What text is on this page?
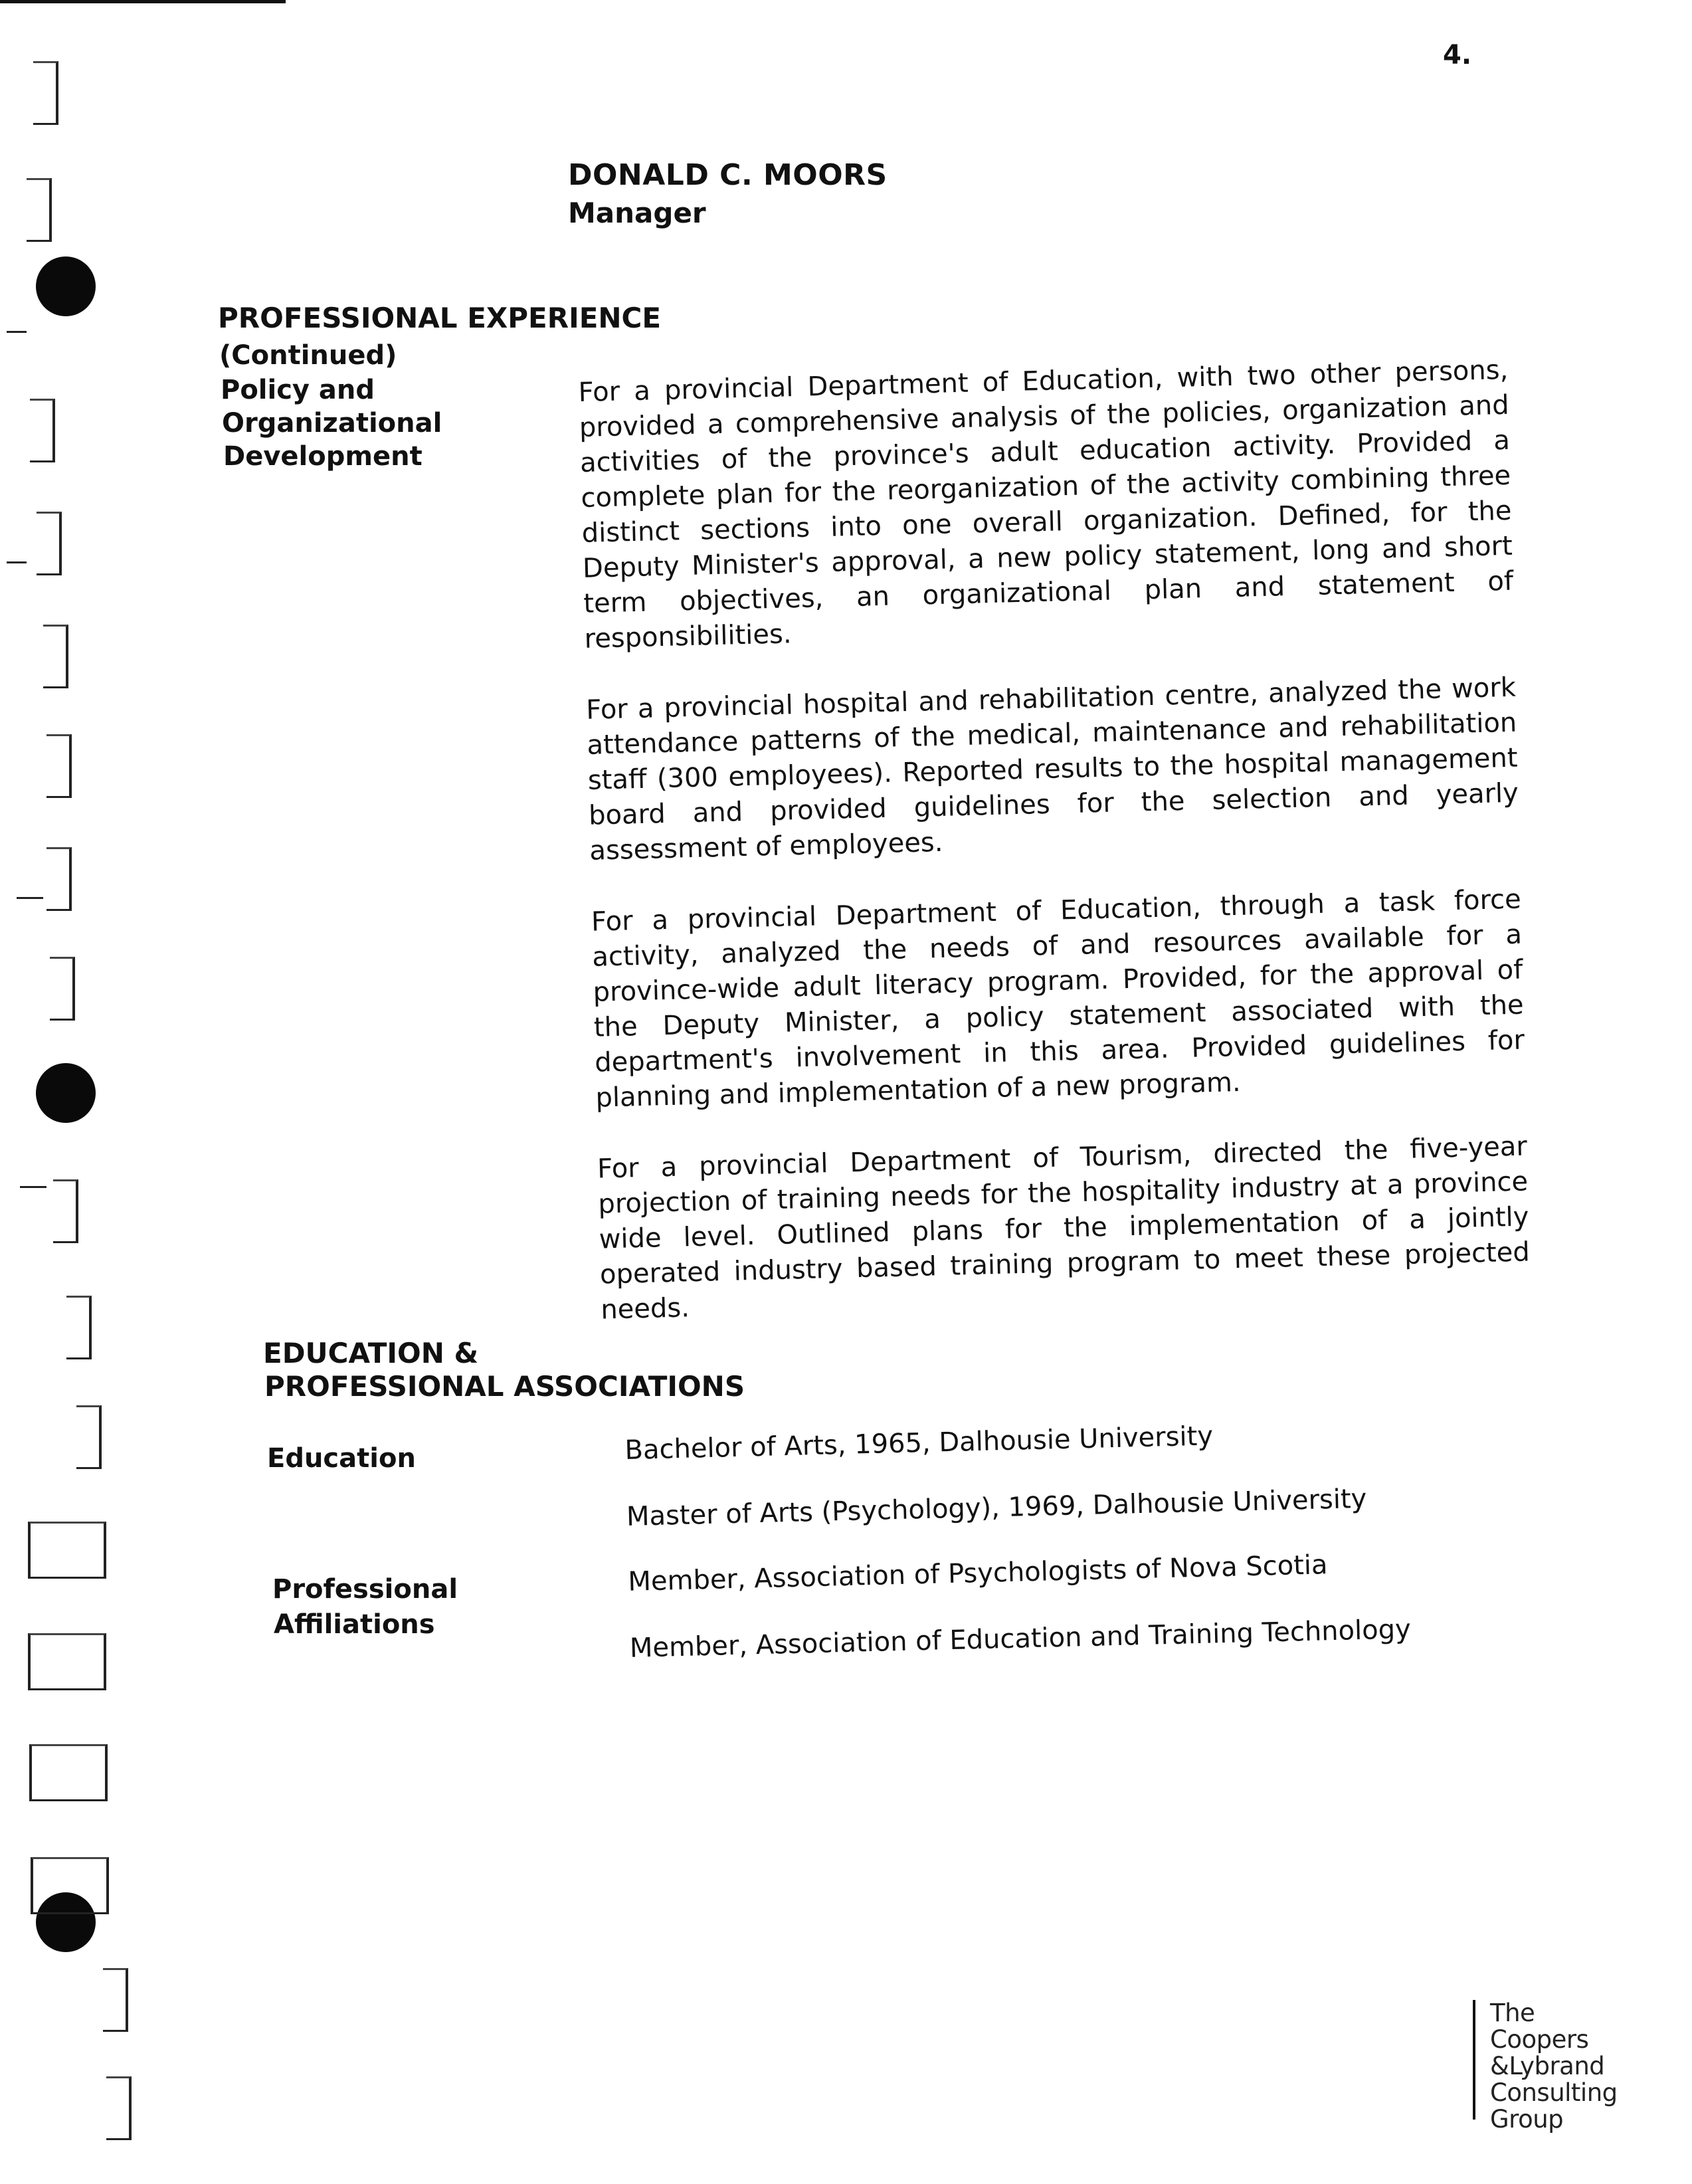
4.
DONALD C. MOORS
Manager
PROFESSIONAL EXPERIENCE
(Continued)
Policy and
Organizational
Development

For a provincial Department of Education, with two other persons, provided a comprehensive analysis of the policies, organization and activities of the province's adult education activity. Provided a complete plan for the reorganization of the activity combining three distinct sections into one overall organization. Defined, for the Deputy Minister's approval, a new policy statement, long and short term objectives, an organizational plan and statement of responsibilities.

For a provincial hospital and rehabilitation centre, analyzed the work attendance patterns of the medical, maintenance and rehabilitation staff (300 employees). Reported results to the hospital management board and provided guidelines for the selection and yearly assessment of employees.

For a provincial Department of Education, through a task force activity, analyzed the needs of and resources available for a province-wide adult literacy program. Provided, for the approval of the Deputy Minister, a policy statement associated with the department's involvement in this area. Provided guidelines for planning and implementation of a new program.

For a provincial Department of Tourism, directed the five-year projection of training needs for the hospitality industry at a province wide level. Outlined plans for the implementation of a jointly operated industry based training program to meet these projected needs.

EDUCATION &
PROFESSIONAL ASSOCIATIONS
Education
Professional
Affiliations
Bachelor of Arts, 1965, Dalhousie University
Master of Arts (Psychology), 1969, Dalhousie University
Member, Association of Psychologists of Nova Scotia
Member, Association of Education and Training Technology
The
Coopers
&Lybrand
Consulting Group
